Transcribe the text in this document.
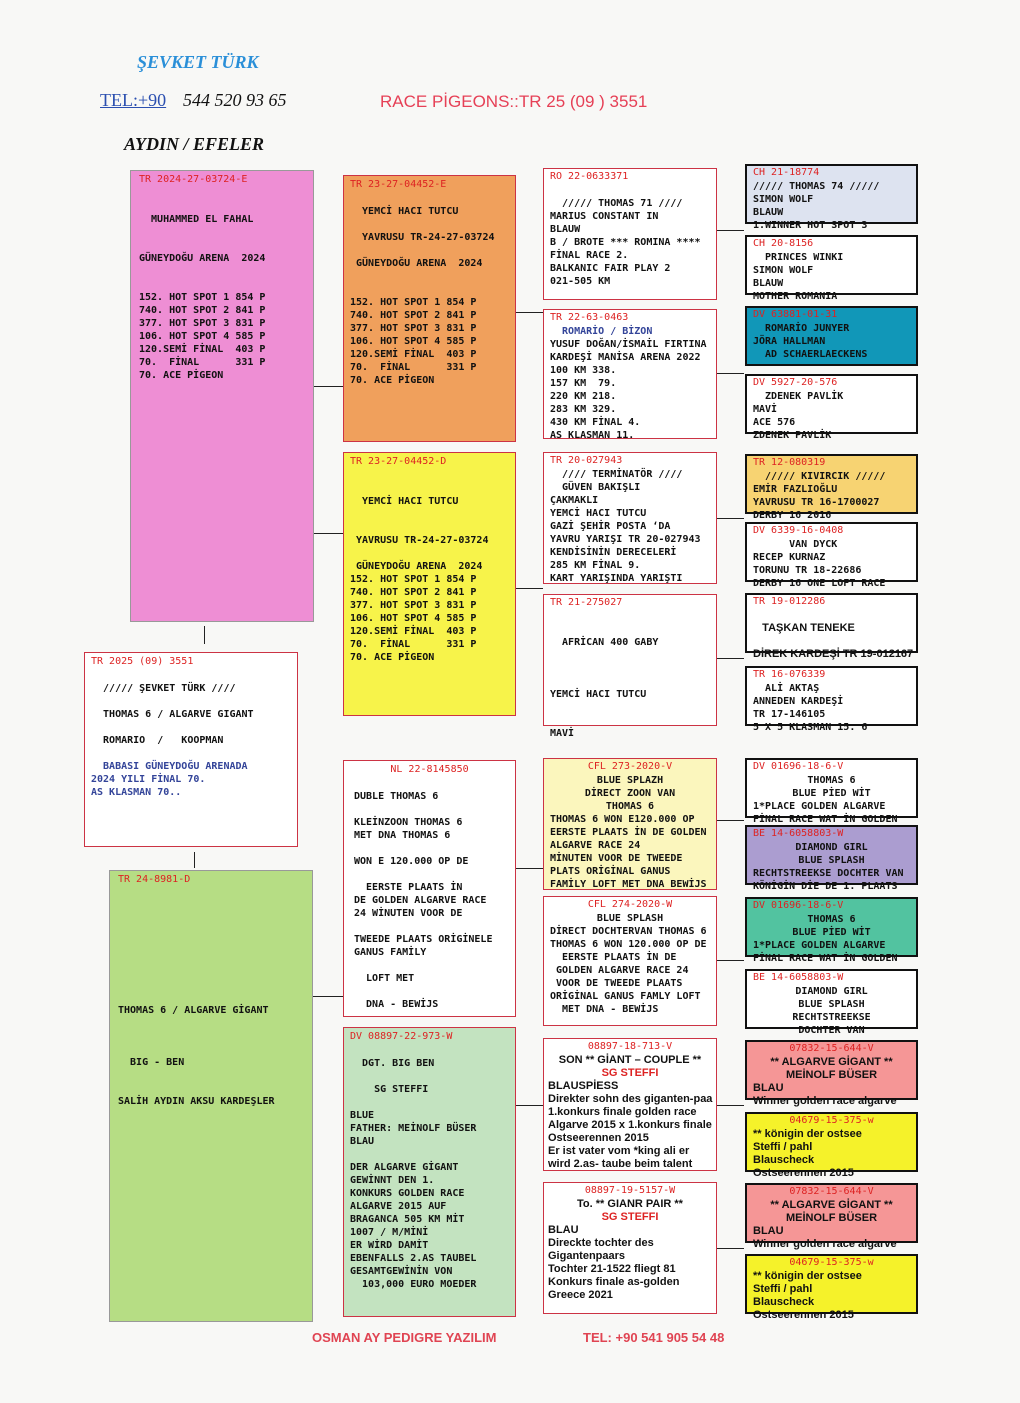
ŞEVKET TÜRK
TEL:+90 544 520 93 65	RACE PİGEONS::TR 25 (09 ) 3551
AYDIN / EFELER
TR 2024-27-03724-E

MUHAMMED EL FAHAL

GÜNEYDOĞU ARENA  2024

152. HOT SPOT 1 854 P
740. HOT SPOT 2 841 P
377. HOT SPOT 3 831 P
106. HOT SPOT 4 585 P
120.SEMİ FİNAL  403 P
70.  FİNAL      331 P
70. ACE PİGEON
TR 23-27-04452-E

YEMCİ HACI TUTCU

YAVRUSU TR-24-27-03724

GÜNEYDOĞU ARENA  2024

152. HOT SPOT 1 854 P
740. HOT SPOT 2 841 P
377. HOT SPOT 3 831 P
106. HOT SPOT 4 585 P
120.SEMİ FİNAL  403 P
70.  FİNAL      331 P
70. ACE PİGEON
TR 23-27-04452-D

YEMCİ HACI TUTCU

YAVRUSU TR-24-27-03724

GÜNEYDOĞU ARENA  2024
152. HOT SPOT 1 854 P
740. HOT SPOT 2 841 P
377. HOT SPOT 3 831 P
106. HOT SPOT 4 585 P
120.SEMİ FİNAL  403 P
70.  FİNAL      331 P
70. ACE PİGEON
TR 2025 (09) 3551

///// ŞEVKET TÜRK ////

THOMAS 6 / ALGARVE GIGANT

ROMARIO  /   KOOPMAN

BABASI GÜNEYDOĞU ARENADA
2024 YILI FİNAL 70.
AS KLASMAN 70..
TR 24-8981-D

THOMAS 6 / ALGARVE GİGANT

BIG - BEN

SALİH AYDIN AKSU KARDEŞLER
NL 22-8145850

DUBLE THOMAS 6

KLEİNZOON THOMAS 6
MET DNA THOMAS 6

WON E 120.000 OP DE

EERSTE PLAATS İN
DE GOLDEN ALGARVE RACE
24 WİNUTEN VOOR DE

TWEEDE PLAATS ORİGİNELE
GANUS FAMİLY

LOFT MET

DNA - BEWİJS
DV 08897-22-973-W

DGT. BIG BEN

SG STEFFI

BLUE
FATHER: MEİNOLF BÜSER
BLAU

DER ALGARVE GİGANT
GEWİNNT DEN 1.
KONKURS GOLDEN RACE
ALGARVE 2015 AUF
BRAGANCA 505 KM MİT
1007 / M/MİNİ
ER WİRD DAMİT
EBENFALLS 2.AS TAUBEL
GESAMTGEWİNİN VON
103,000 EURO MOEDER
RO 22-0633371

///// THOMAS 71 ////
MARIUS CONSTANT IN
BLAUW
B / BROTE *** ROMINA ****
FİNAL RACE 2.
BALKANIC FAIR PLAY 2
021-505 KM
TR 22-63-0463
ROMARİO / BİZON
YUSUF DOĞAN/İSMAİL FIRTINA
KARDEŞİ MANİSA ARENA 2022
100 KM 338.
157 KM  79.
220 KM 218.
283 KM 329.
430 KM FİNAL 4.
AS KLASMAN 11.
TR 20-027943
//// TERMİNATÖR ////
GÜVEN BAKIŞLI
ÇAKMAKLI
YEMCİ HACI TUTCU
GAZİ ŞEHİR POSTA ‘DA
YAVRU YARIŞI TR 20-027943
KENDİSİNİN DERECELERİ
285 KM FİNAL 9.
KART YARIŞINDA YARIŞTI
TR 21-275027

AFRİCAN 400 GABY

YEMCİ HACI TUTCU

MAVİ
CFL 273-2020-V
BLUE SPLAZH
DİRECT ZOON VAN
THOMAS 6
THOMAS 6 WON E120.000 OP
EERSTE PLAATS İN DE GOLDEN
ALGARVE RACE 24
MİNUTEN VOOR DE TWEEDE
PLATS ORİGİNAL GANUS
FAMİLY LOFT MET DNA BEWİJS
CFL 274-2020-W
BLUE SPLASH
DİRECT DOCHTERVAN THOMAS 6
THOMAS 6 WON 120.000 OP DE
EERSTE PLAATS İN DE
GOLDEN ALGARVE RACE 24
VOOR DE TWEEDE PLAATS
ORİGİNAL GANUS FAMLY LOFT
MET DNA - BEWİJS
08897-18-713-V
SON ** GİANT – COUPLE **
SG STEFFI
BLAUSPİESS
Direkter sohn des giganten-paa
1.konkurs finale golden race
Algarve 2015 x 1.konkurs finale
Ostseerennen 2015
Er ist vater vom *king ali er
wird 2.as- taube beim talent
08897-19-5157-W
To. ** GIANR PAIR **
SG STEFFI
BLAU
Direckte tochter des
Gigantenpaars
Tochter 21-1522 fliegt 81
Konkurs finale as-golden
Greece 2021
CH 21-18774
///// THOMAS 74 /////
SIMON WOLF
BLAUW
1.WINNER HOT SPOT 3
CH 20-8156
PRINCES WINKI
SIMON WOLF
BLAUW
MOTHER ROMANIA
DV 63881-01-31
ROMARİO JUNYER
JÖRA HALLMAN
AD SCHAERLAECKENS
DV 5927-20-576
ZDENEK PAVLİK
MAVİ
ACE 576
ZDENEK PAVLİK
TR 12-080319
///// KIVIRCIK /////
EMİR FAZLIOĞLU
YAVRUSU TR 16-1700027
DERBY 16 2016
DV 6339-16-0408
VAN DYCK
RECEP KURNAZ
TORUNU TR 18-22686
DERBY 16 ONE LOFT RACE
TR 19-012286

TAŞKAN TENEKE

DİREK KARDEŞİ TR 19-012167
TR 16-076339
ALİ AKTAŞ
ANNEDEN KARDEŞİ
TR 17-146105
5 X 5 KLASMAN 15. 6
DV 01696-18-6-V
THOMAS 6
BLUE PİED WİT
1*PLACE GOLDEN ALGARVE
FİNAL RACE WAT İN GOLDEN
BE 14-6058803-W
DIAMOND GIRL
BLUE SPLASH
RECHTSTREEKSE DOCHTER VAN
KÖNİGİN DİE DE 1. PLAATS
DV 01696-18-6-V
THOMAS 6
BLUE PİED WİT
1*PLACE GOLDEN ALGARVE
FİNAL RACE WAT İN GOLDEN
BE 14-6058803-W
DIAMOND GIRL
BLUE SPLASH
RECHTSTREEKSE
DOCHTER VAN
07832-15-644-V
** ALGARVE GİGANT **
MEİNOLF BÜSER
BLAU
Winner golden race algarve
04679-15-375-w
** königin der ostsee
Steffi / pahl
Blauscheck
Ostseerennen 2015
07832-15-644-V
** ALGARVE GİGANT **
MEİNOLF BÜSER
BLAU
Winner golden race algarve
04679-15-375-w
** königin der ostsee
Steffi / pahl
Blauscheck
Ostseerennen 2015
OSMAN AY PEDIGRE YAZILIM	TEL: +90 541 905 54 48
